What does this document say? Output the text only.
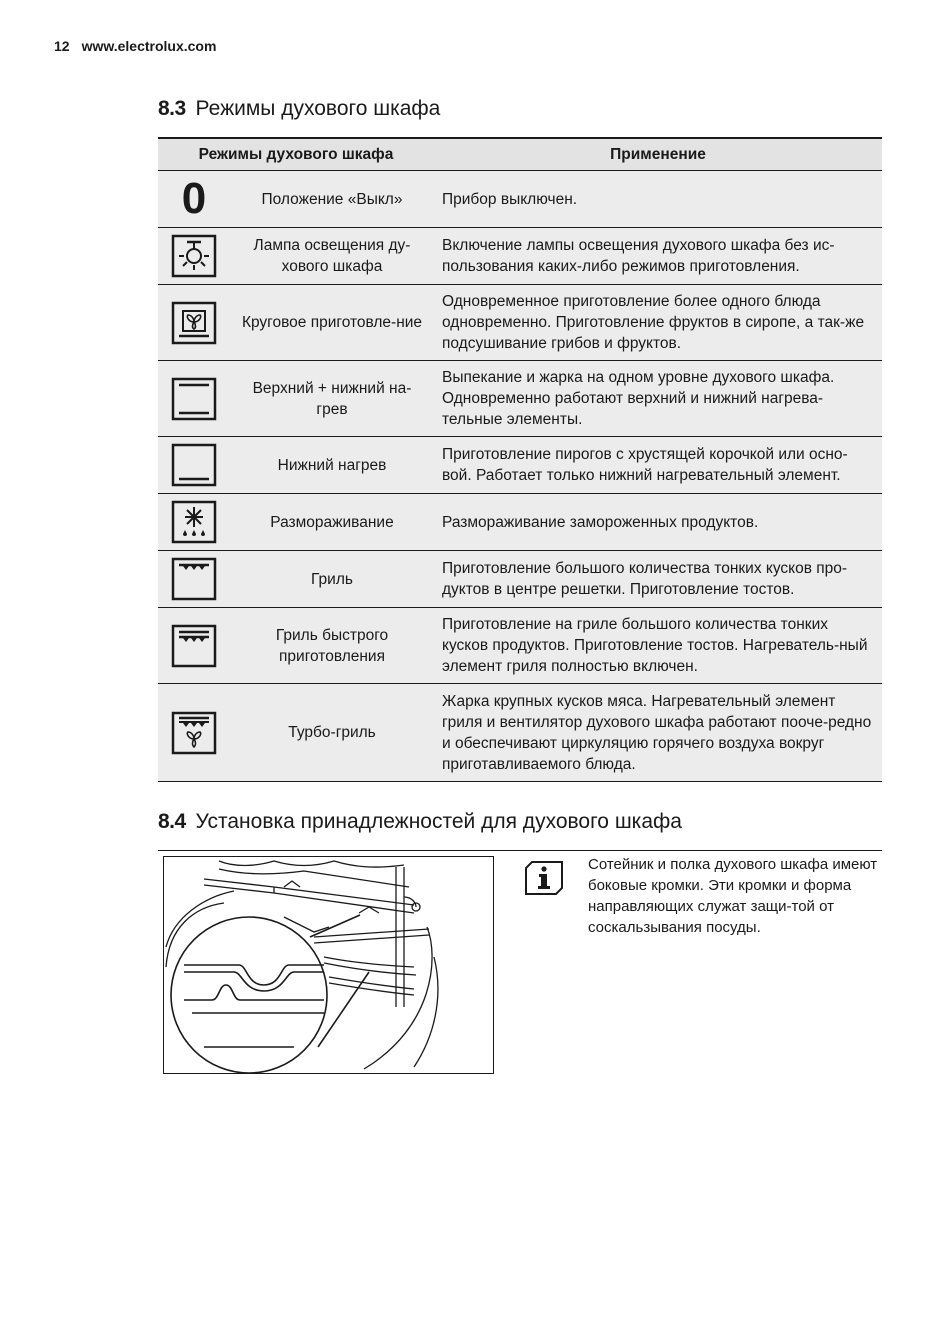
12 www.electrolux.com
8.3 Режимы духового шкафа
Режимы духового шкафа		Применение

0	Положение «Выкл»	Прибор выключен.

	Лампа освещения ду-хового шкафа	Включение лампы освещения духового шкафа без ис-пользования каких-либо режимов приготовления.

	Круговое приготовле-ние	Одновременное приготовление более одного блюда одновременно. Приготовление фруктов в сиропе, а так-же подсушивание грибов и фруктов.

	Верхний + нижний на-грев	Выпекание и жарка на одном уровне духового шкафа. Одновременно работают верхний и нижний нагрева-тельные элементы.

	Нижний нагрев	Приготовление пирогов с хрустящей корочкой или осно-вой. Работает только нижний нагревательный элемент.

	Размораживание	Размораживание замороженных продуктов.

	Гриль	Приготовление большого количества тонких кусков про-дуктов в центре решетки. Приготовление тостов.

	Гриль быстрого приготовления	Приготовление на гриле большого количества тонких кусков продуктов. Приготовление тостов. Нагреватель-ный элемент гриля полностью включен.

	Турбо-гриль	Жарка крупных кусков мяса. Нагревательный элемент гриля и вентилятор духового шкафа работают пооче-редно и обеспечивают циркуляцию горячего воздуха вокруг приготавливаемого блюда.
8.4 Установка принадлежностей для духового шкафа
Сотейник и полка духового шкафа имеют боковые кромки. Эти кромки и форма направляющих служат защи-той от соскальзывания посуды.
